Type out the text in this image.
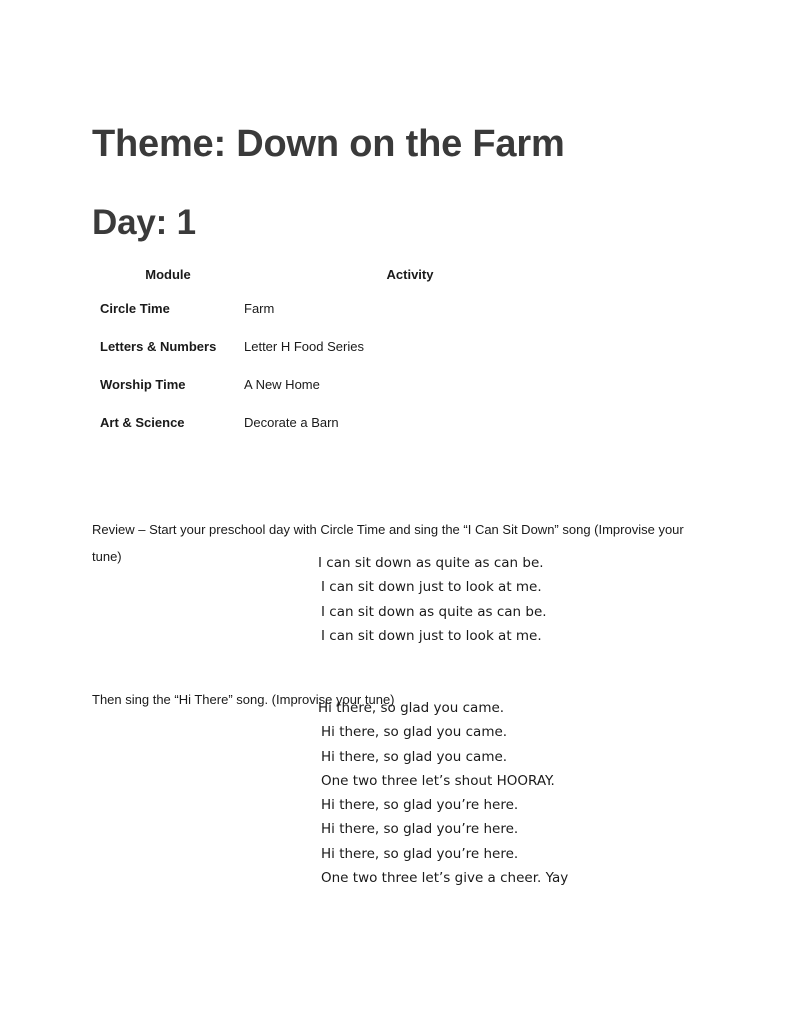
Theme: Down on the Farm
Day: 1
Module	Activity
Circle Time	Farm
Letters & Numbers	Letter H Food Series
Worship Time	A New Home
Art & Science	Decorate a Barn

Review – Start your preschool day with Circle Time and sing the “I Can Sit Down” song (Improvise your tune)	I can sit down as quite as can be.
I can sit down just to look at me.
I can sit down as quite as can be.
I can sit down just to look at me.

Then sing the “Hi There” song. (Improvise your tune)

Hi there, so glad you came.
Hi there, so glad you came.
Hi there, so glad you came.
One two three let’s shout HOORAY.
Hi there, so glad you’re here.
Hi there, so glad you’re here.
Hi there, so glad you’re here.
One two three let’s give a cheer. Yay
